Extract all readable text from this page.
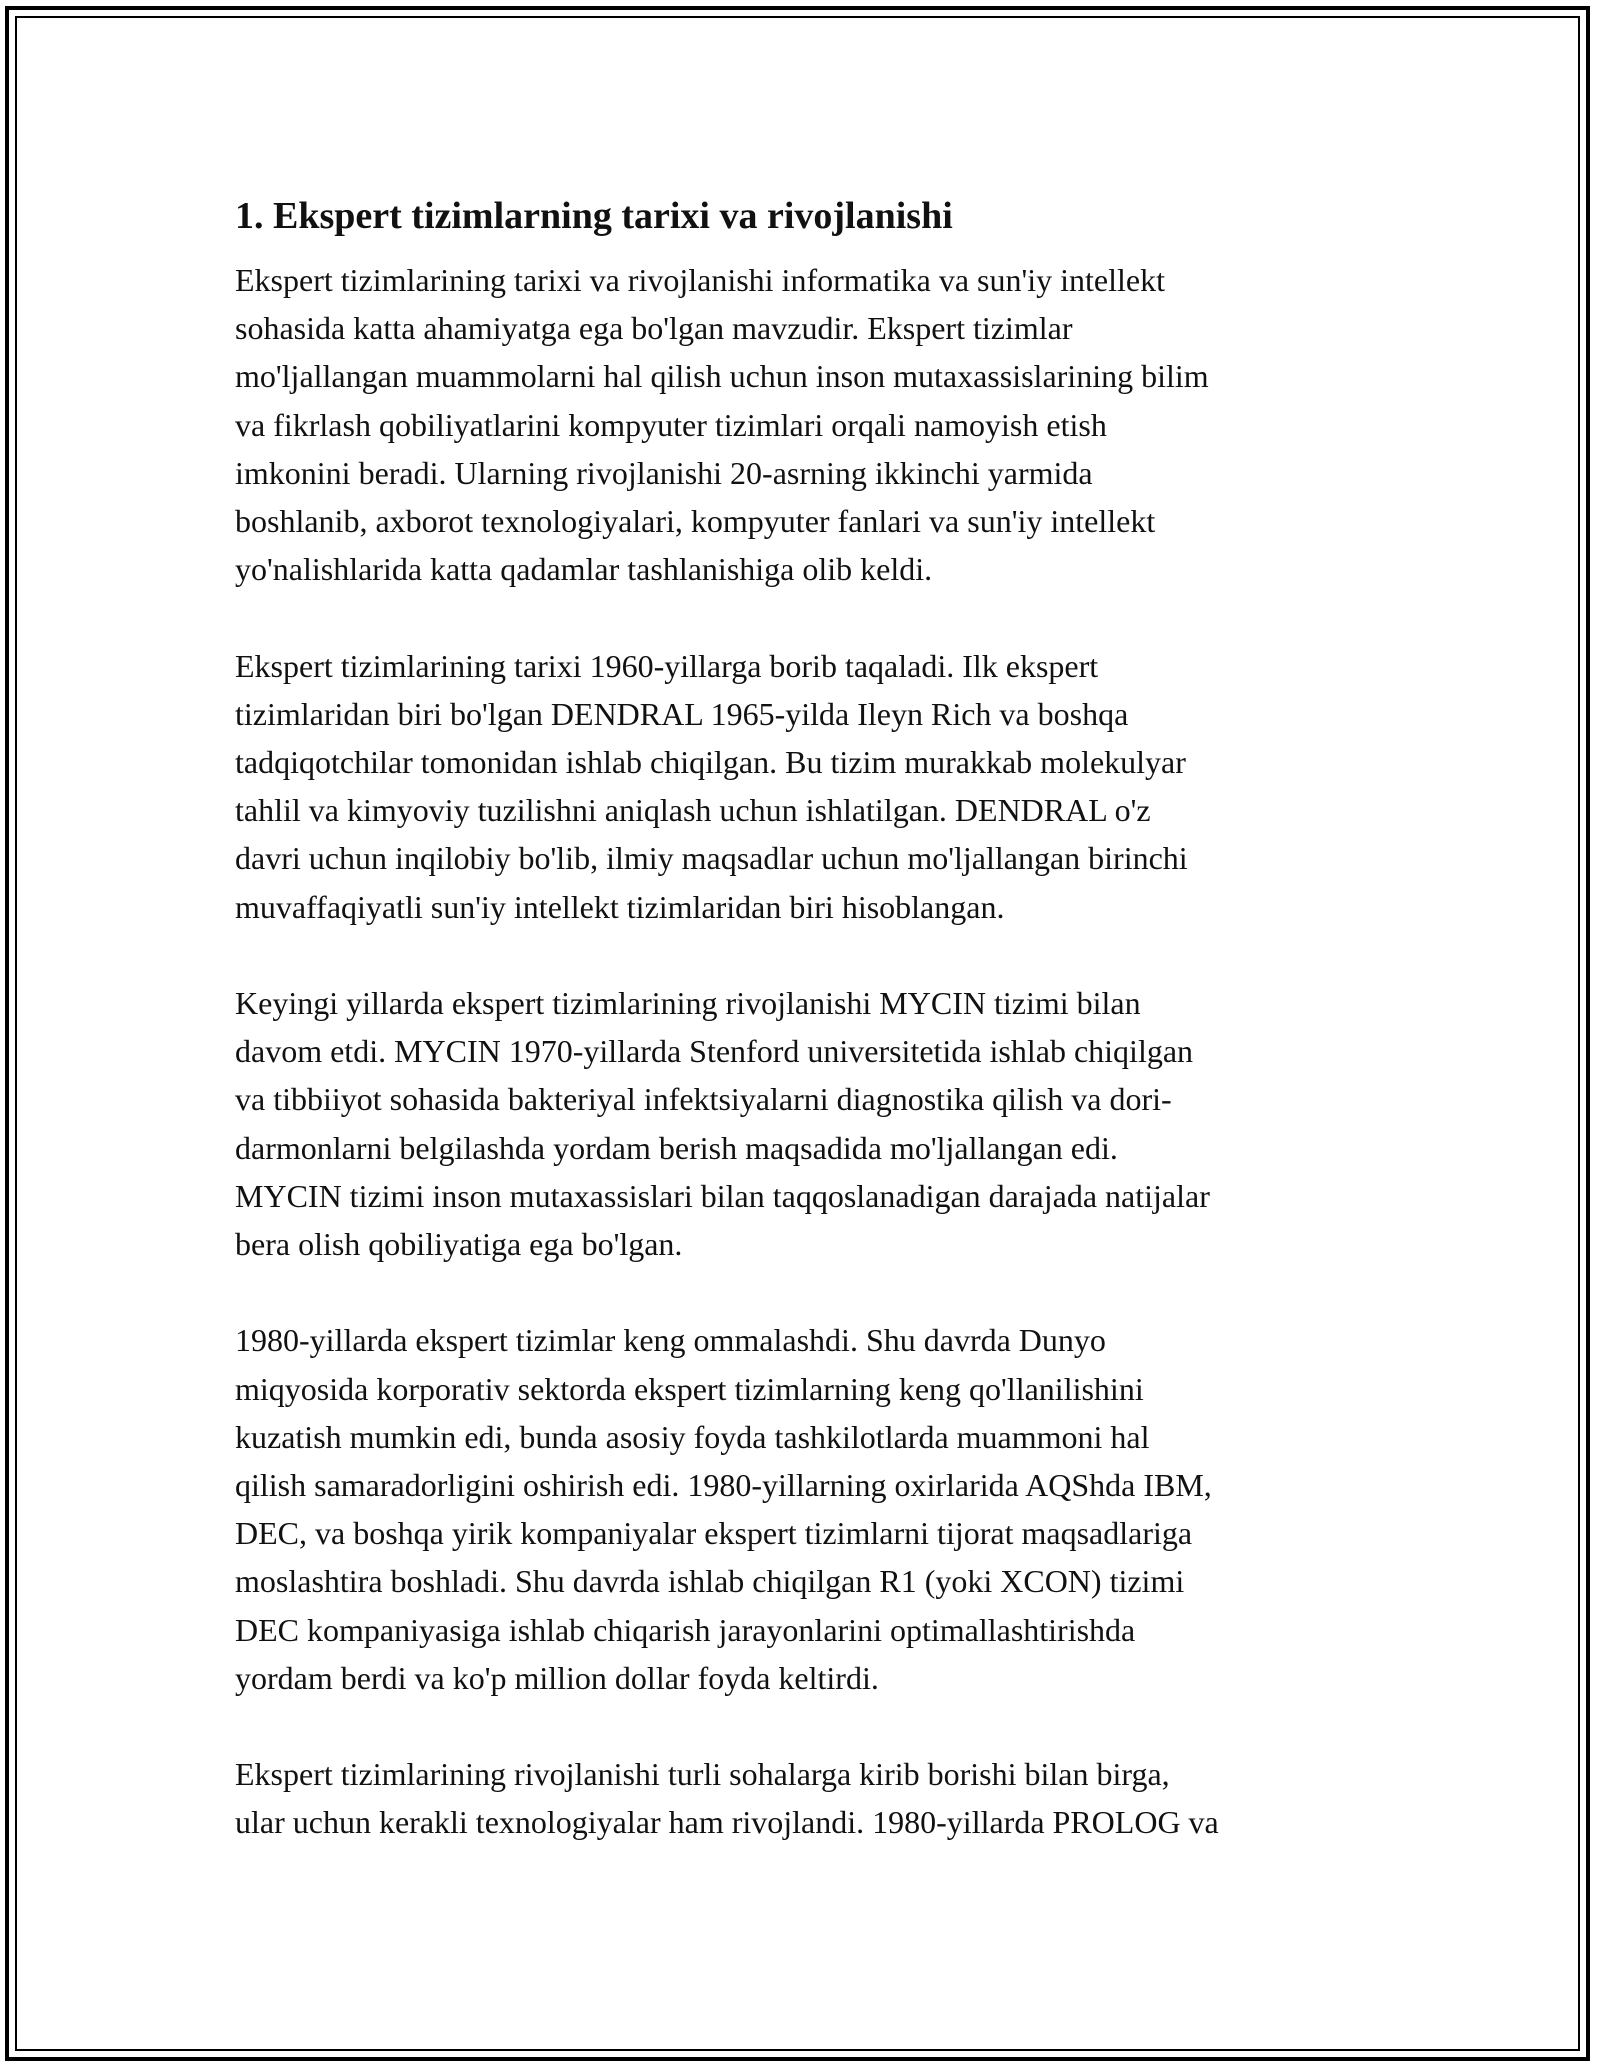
1. Ekspert tizimlarning tarixi va rivojlanishi

Ekspert tizimlarining tarixi va rivojlanishi informatika va sun'iy intellekt
sohasida katta ahamiyatga ega bo'lgan mavzudir. Ekspert tizimlar
mo'ljallangan muammolarni hal qilish uchun inson mutaxassislarining bilim
va fikrlash qobiliyatlarini kompyuter tizimlari orqali namoyish etish
imkonini beradi. Ularning rivojlanishi 20-asrning ikkinchi yarmida
boshlanib, axborot texnologiyalari, kompyuter fanlari va sun'iy intellekt
yo'nalishlarida katta qadamlar tashlanishiga olib keldi.

Ekspert tizimlarining tarixi 1960-yillarga borib taqaladi. Ilk ekspert
tizimlaridan biri bo'lgan DENDRAL 1965-yilda Ileyn Rich va boshqa
tadqiqotchilar tomonidan ishlab chiqilgan. Bu tizim murakkab molekulyar
tahlil va kimyoviy tuzilishni aniqlash uchun ishlatilgan. DENDRAL o'z
davri uchun inqilobiy bo'lib, ilmiy maqsadlar uchun mo'ljallangan birinchi
muvaffaqiyatli sun'iy intellekt tizimlaridan biri hisoblangan.

Keyingi yillarda ekspert tizimlarining rivojlanishi MYCIN tizimi bilan
davom etdi. MYCIN 1970-yillarda Stenford universitetida ishlab chiqilgan
va tibbiiyot sohasida bakteriyal infektsiyalarni diagnostika qilish va dori-
darmonlarni belgilashda yordam berish maqsadida mo'ljallangan edi.
MYCIN tizimi inson mutaxassislari bilan taqqoslanadigan darajada natijalar
bera olish qobiliyatiga ega bo'lgan.

1980-yillarda ekspert tizimlar keng ommalashdi. Shu davrda Dunyo
miqyosida korporativ sektorda ekspert tizimlarning keng qo'llanilishini
kuzatish mumkin edi, bunda asosiy foyda tashkilotlarda muammoni hal
qilish samaradorligini oshirish edi. 1980-yillarning oxirlarida AQShda IBM,
DEC, va boshqa yirik kompaniyalar ekspert tizimlarni tijorat maqsadlariga
moslashtira boshladi. Shu davrda ishlab chiqilgan R1 (yoki XCON) tizimi
DEC kompaniyasiga ishlab chiqarish jarayonlarini optimallashtirishda
yordam berdi va ko'p million dollar foyda keltirdi.

Ekspert tizimlarining rivojlanishi turli sohalarga kirib borishi bilan birga,
ular uchun kerakli texnologiyalar ham rivojlandi. 1980-yillarda PROLOG va
